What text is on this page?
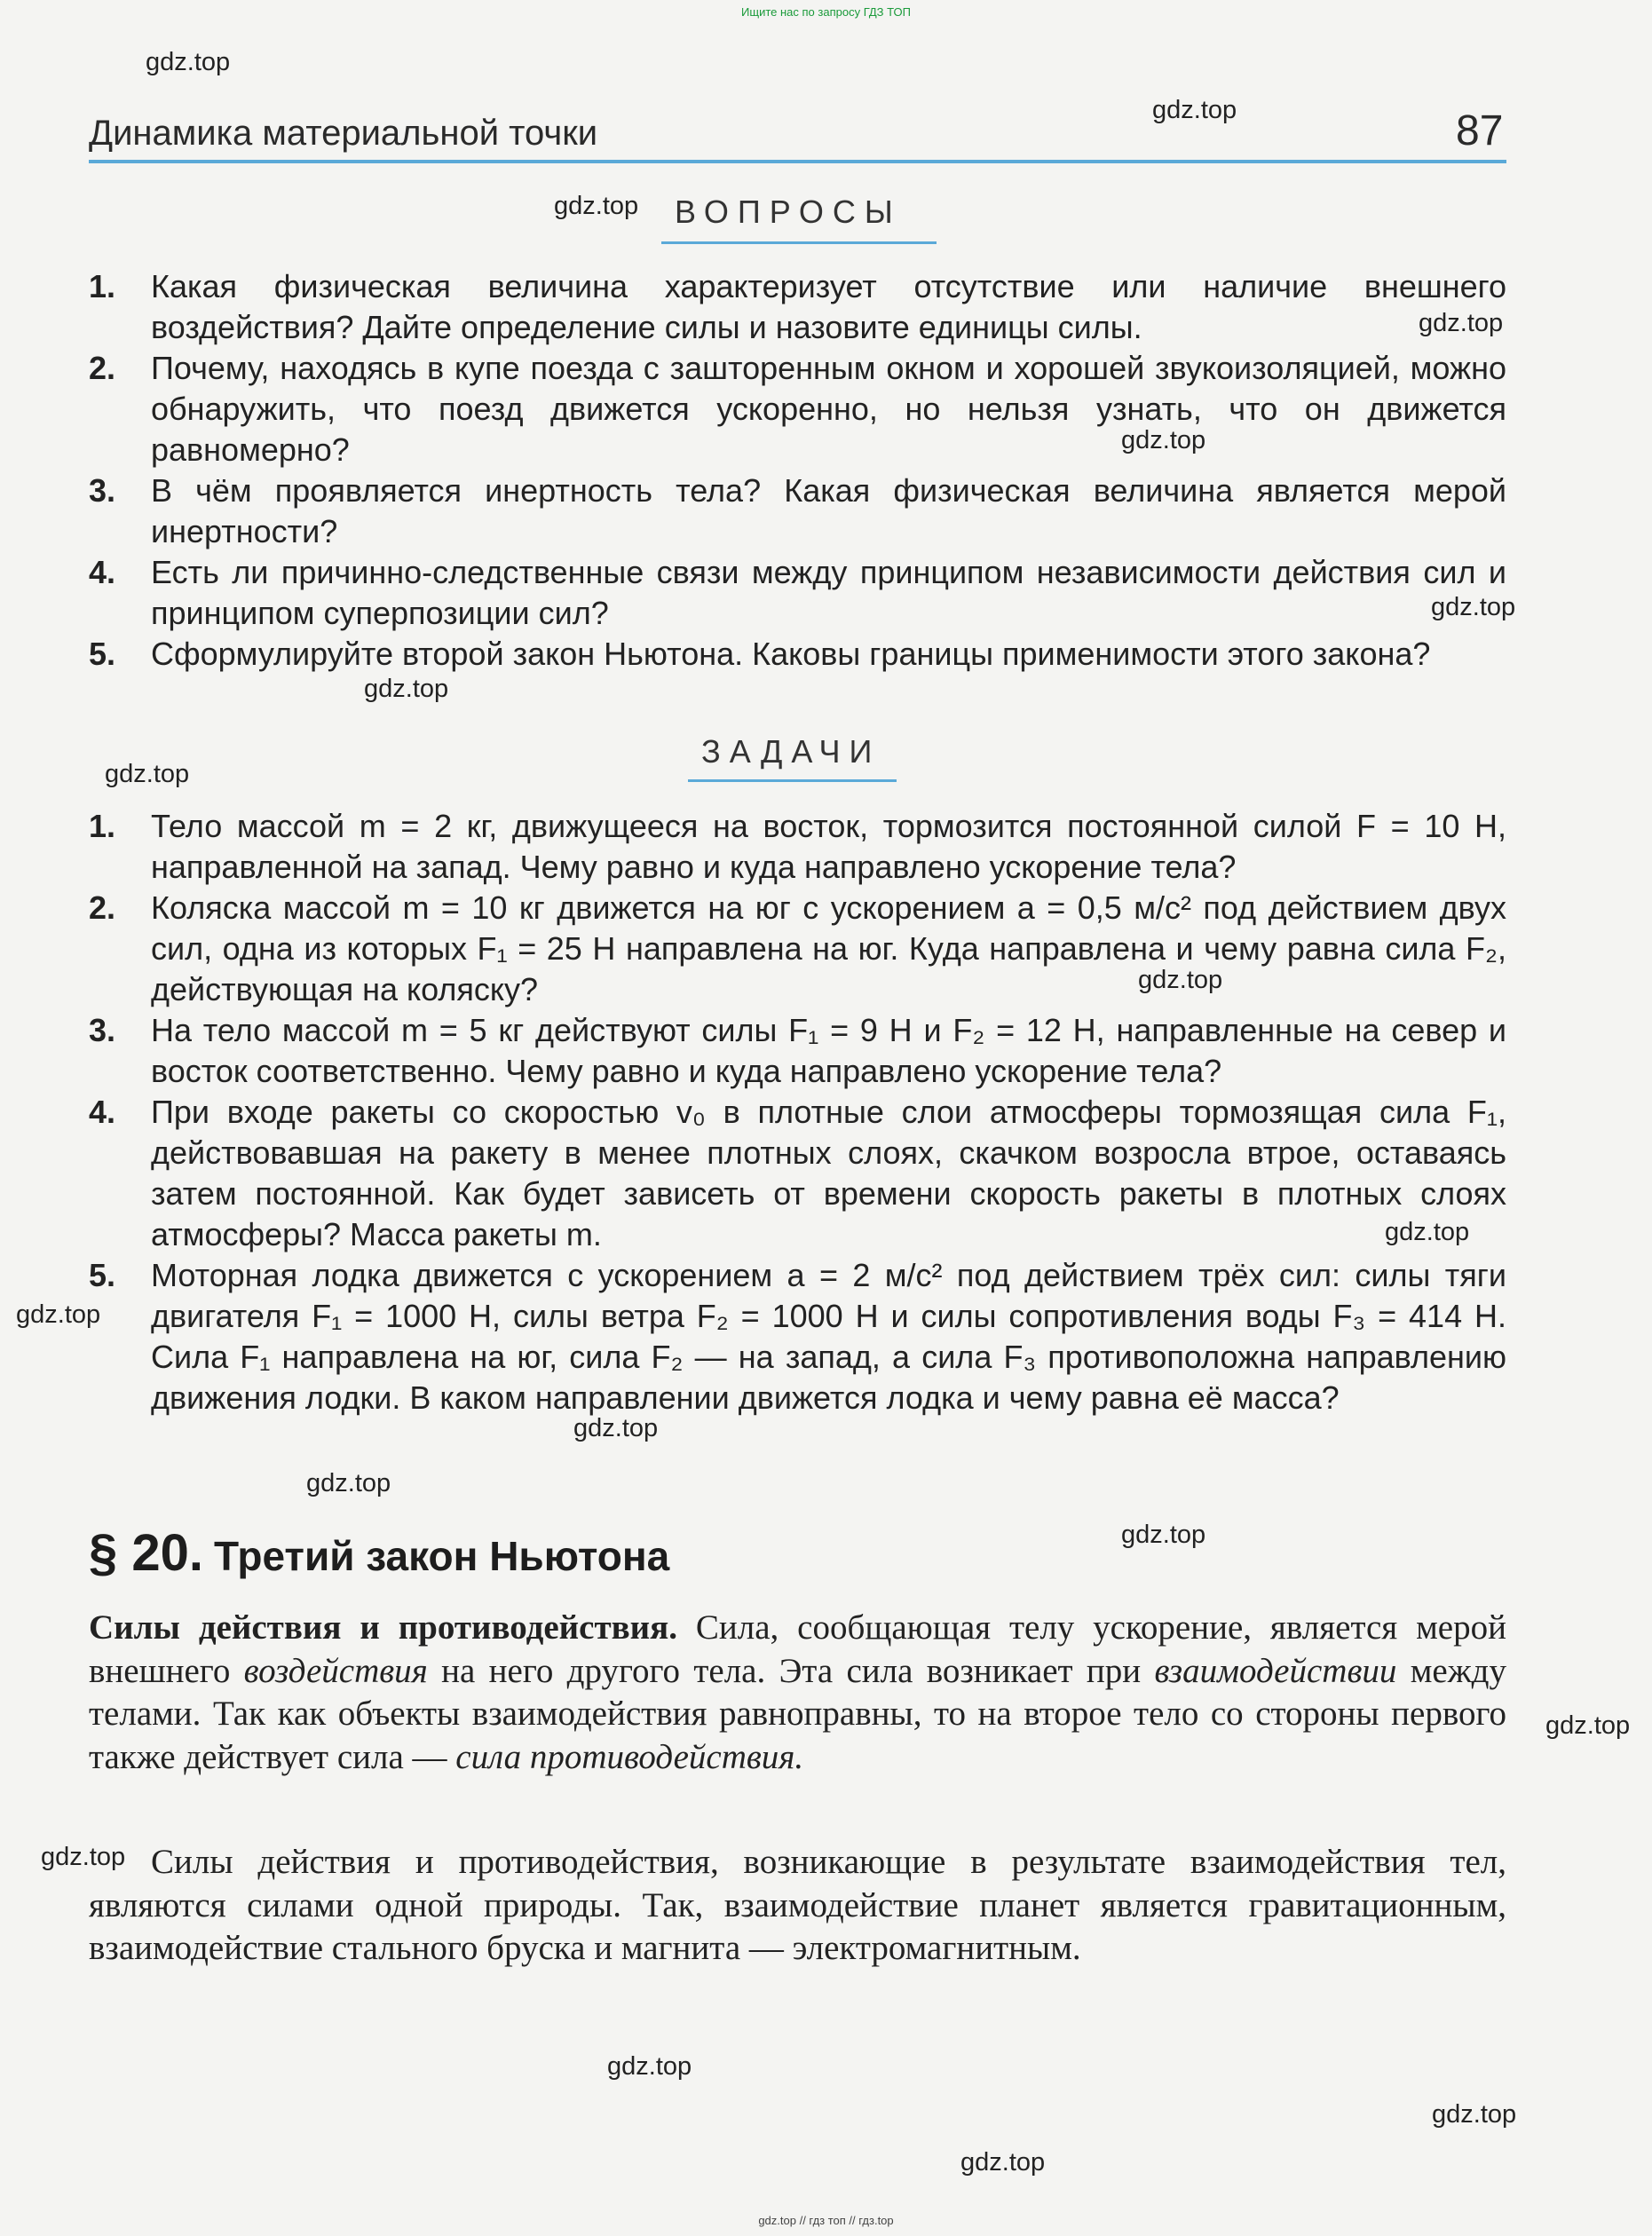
Ищите нас по запросу ГДЗ ТОП
Динамика материальной точки	87
ВОПРОСЫ
1. Какая физическая величина характеризует отсутствие или наличие внешнего воздействия? Дайте определение силы и назовите единицы силы.
2. Почему, находясь в купе поезда с зашторенным окном и хорошей звукоизоляцией, можно обнаружить, что поезд движется ускоренно, но нельзя узнать, что он движется равномерно?
3. В чём проявляется инертность тела? Какая физическая величина является мерой инертности?
4. Есть ли причинно-следственные связи между принципом независимости действия сил и принципом суперпозиции сил?
5. Сформулируйте второй закон Ньютона. Каковы границы применимости этого закона?
ЗАДАЧИ
1. Тело массой m = 2 кг, движущееся на восток, тормозится постоянной силой F = 10 Н, направленной на запад. Чему равно и куда направлено ускорение тела?
2. Коляска массой m = 10 кг движется на юг с ускорением a = 0,5 м/с² под действием двух сил, одна из которых F₁ = 25 Н направлена на юг. Куда направлена и чему равна сила F₂, действующая на коляску?
3. На тело массой m = 5 кг действуют силы F₁ = 9 Н и F₂ = 12 Н, направленные на север и восток соответственно. Чему равно и куда направлено ускорение тела?
4. При входе ракеты со скоростью v₀ в плотные слои атмосферы тормозящая сила F₁, действовавшая на ракету в менее плотных слоях, скачком возросла втрое, оставаясь затем постоянной. Как будет зависеть от времени скорость ракеты в плотных слоях атмосферы? Масса ракеты m.
5. Моторная лодка движется с ускорением a = 2 м/с² под действием трёх сил: силы тяги двигателя F₁ = 1000 Н, силы ветра F₂ = 1000 Н и силы сопротивления воды F₃ = 414 Н. Сила F₁ направлена на юг, сила F₂ — на запад, а сила F₃ противоположна направлению движения лодки. В каком направлении движется лодка и чему равна её масса?
§ 20. Третий закон Ньютона
Силы действия и противодействия. Сила, сообщающая телу ускорение, является мерой внешнего воздействия на него другого тела. Эта сила возникает при взаимодействии между телами. Так как объекты взаимодействия равноправны, то на второе тело со стороны первого также действует сила — сила противодействия.
Силы действия и противодействия, возникающие в результате взаимодействия тел, являются силами одной природы. Так, взаимодействие планет является гравитационным, взаимодействие стального бруска и магнита — электромагнитным.
gdz.top
gdz.top
gdz.top
gdz.top
gdz.top
gdz.top
gdz.top
gdz.top
gdz.top
gdz.top
gdz.top
gdz.top
gdz.top
gdz.top
gdz.top
gdz.top
gdz.top
gdz.top
gdz.top
gdz.top // гдз топ // гдз.top
